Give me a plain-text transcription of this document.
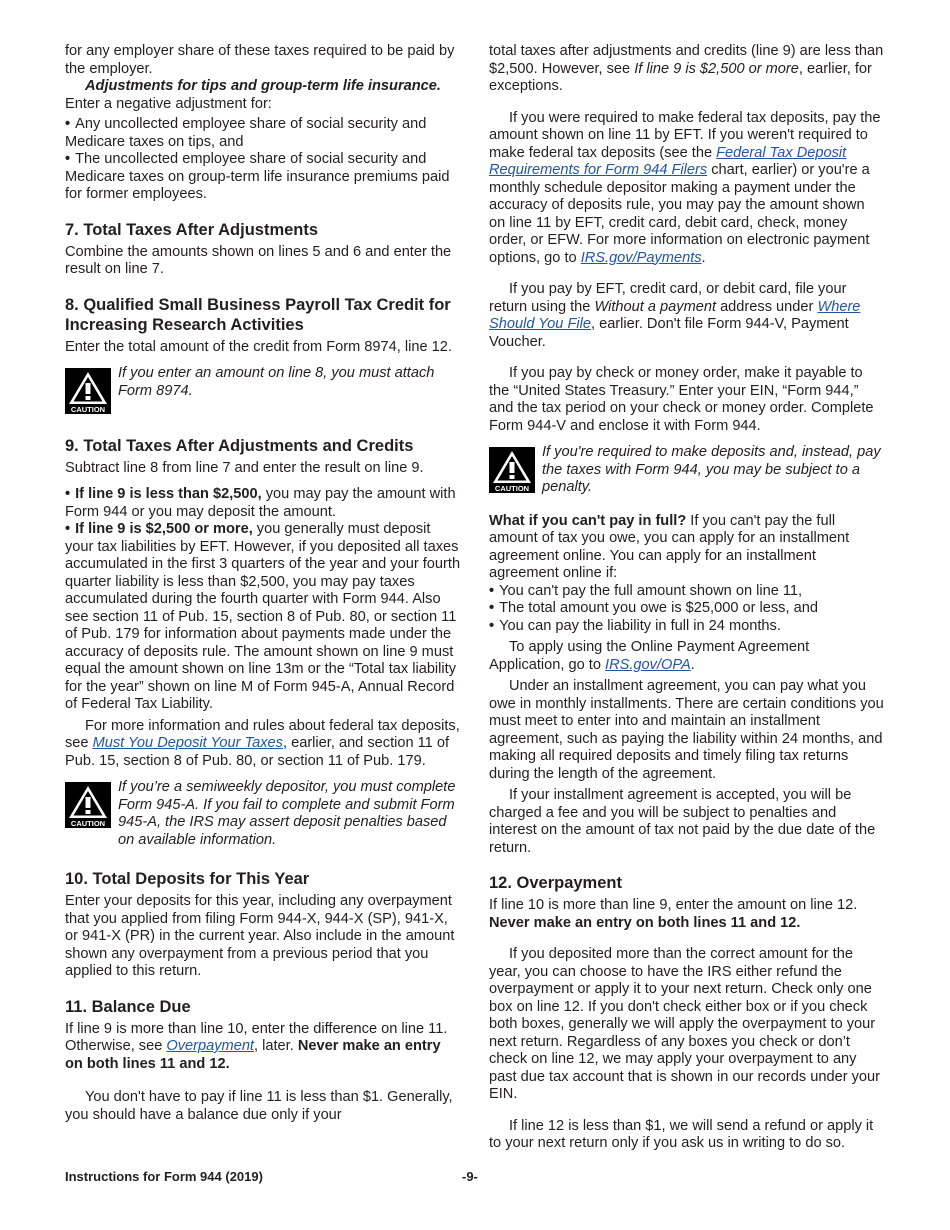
for any employer share of these taxes required to be paid by the employer.

Adjustments for tips and group-term life insurance.

Enter a negative adjustment for:

• Any uncollected employee share of social security and Medicare taxes on tips, and

• The uncollected employee share of social security and Medicare taxes on group-term life insurance premiums paid for former employees.

7. Total Taxes After Adjustments

Combine the amounts shown on lines 5 and 6 and enter the result on line 7.

8. Qualified Small Business Payroll Tax Credit for Increasing Research Activities

Enter the total amount of the credit from Form 8974, line 12.

CAUTION
If you enter an amount on line 8, you must attach Form 8974.
9. Total Taxes After Adjustments and Credits

Subtract line 8 from line 7 and enter the result on line 9.

• If line 9 is less than $2,500, you may pay the amount with Form 944 or you may deposit the amount.

• If line 9 is $2,500 or more, you generally must deposit your tax liabilities by EFT. However, if you deposited all taxes accumulated in the first 3 quarters of the year and your fourth quarter liability is less than $2,500, you may pay taxes accumulated during the fourth quarter with Form 944. Also see section 11 of Pub. 15, section 8 of Pub. 80, or section 11 of Pub. 179 for information about payments made under the accuracy of deposits rule. The amount shown on line 9 must equal the amount shown on line 13m or the “Total tax liability for the year” shown on line M of Form 945-A, Annual Record of Federal Tax Liability.

For more information and rules about federal tax deposits, see Must You Deposit Your Taxes, earlier, and section 11 of Pub. 15, section 8 of Pub. 80, or section 11 of Pub. 179.

CAUTION
If you’re a semiweekly depositor, you must complete Form 945-A. If you fail to complete and submit Form 945-A, the IRS may assert deposit penalties based on available information.
10. Total Deposits for This Year

Enter your deposits for this year, including any overpayment that you applied from filing Form 944-X, 944-X (SP), 941-X, or 941-X (PR) in the current year. Also include in the amount shown any overpayment from a previous period that you applied to this return.

11. Balance Due

If line 9 is more than line 10, enter the difference on line 11. Otherwise, see Overpayment, later. Never make an entry on both lines 11 and 12.

You don't have to pay if line 11 is less than $1. Generally, you should have a balance due only if your

total taxes after adjustments and credits (line 9) are less than $2,500. However, see If line 9 is $2,500 or more, earlier, for exceptions.

If you were required to make federal tax deposits, pay the amount shown on line 11 by EFT. If you weren't required to make federal tax deposits (see the Federal Tax Deposit Requirements for Form 944 Filers chart, earlier) or you're a monthly schedule depositor making a payment under the accuracy of deposits rule, you may pay the amount shown on line 11 by EFT, credit card, debit card, check, money order, or EFW. For more information on electronic payment options, go to IRS.gov/Payments.

If you pay by EFT, credit card, or debit card, file your return using the Without a payment address under Where Should You File, earlier. Don't file Form 944-V, Payment Voucher.

If you pay by check or money order, make it payable to the “United States Treasury.” Enter your EIN, “Form 944,” and the tax period on your check or money order. Complete Form 944-V and enclose it with Form 944.

CAUTION
If you're required to make deposits and, instead, pay the taxes with Form 944, you may be subject to a penalty.

What if you can't pay in full? If you can't pay the full amount of tax you owe, you can apply for an installment agreement online. You can apply for an installment agreement online if:

• You can't pay the full amount shown on line 11,

• The total amount you owe is $25,000 or less, and

• You can pay the liability in full in 24 months.

To apply using the Online Payment Agreement Application, go to IRS.gov/OPA.

Under an installment agreement, you can pay what you owe in monthly installments. There are certain conditions you must meet to enter into and maintain an installment agreement, such as paying the liability within 24 months, and making all required deposits and timely filing tax returns during the length of the agreement.

If your installment agreement is accepted, you will be charged a fee and you will be subject to penalties and interest on the amount of tax not paid by the due date of the return.

12. Overpayment

If line 10 is more than line 9, enter the amount on line 12. Never make an entry on both lines 11 and 12.

If you deposited more than the correct amount for the year, you can choose to have the IRS either refund the overpayment or apply it to your next return. Check only one box on line 12. If you don't check either box or if you check both boxes, generally we will apply the overpayment to your next return. Regardless of any boxes you check or don’t check on line 12, we may apply your overpayment to any past due tax account that is shown in our records under your EIN.

If line 12 is less than $1, we will send a refund or apply it to your next return only if you ask us in writing to do so.

Instructions for Form 944 (2019)	-9-
